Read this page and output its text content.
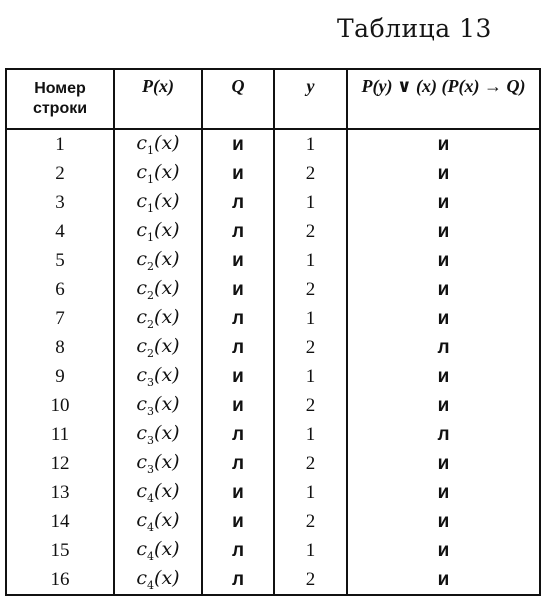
Таблица 13
Номер строки	P(x)	Q	y	P(y) ∨ (x) (P(x) → Q)
1	$c_1(x)$	и	1	и
2	$c_1(x)$	и	2	и
3	$c_1(x)$	л	1	и
4	$c_1(x)$	л	2	и
5	$c_2(x)$	и	1	и
6	$c_2(x)$	и	2	и
7	$c_2(x)$	л	1	и
8	$c_2(x)$	л	2	л
9	$c_3(x)$	и	1	и
10	$c_3(x)$	и	2	и
11	$c_3(x)$	л	1	л
12	$c_3(x)$	л	2	и
13	$c_4(x)$	и	1	и
14	$c_4(x)$	и	2	и
15	$c_4(x)$	л	1	и
16	$c_4(x)$	л	2	и
